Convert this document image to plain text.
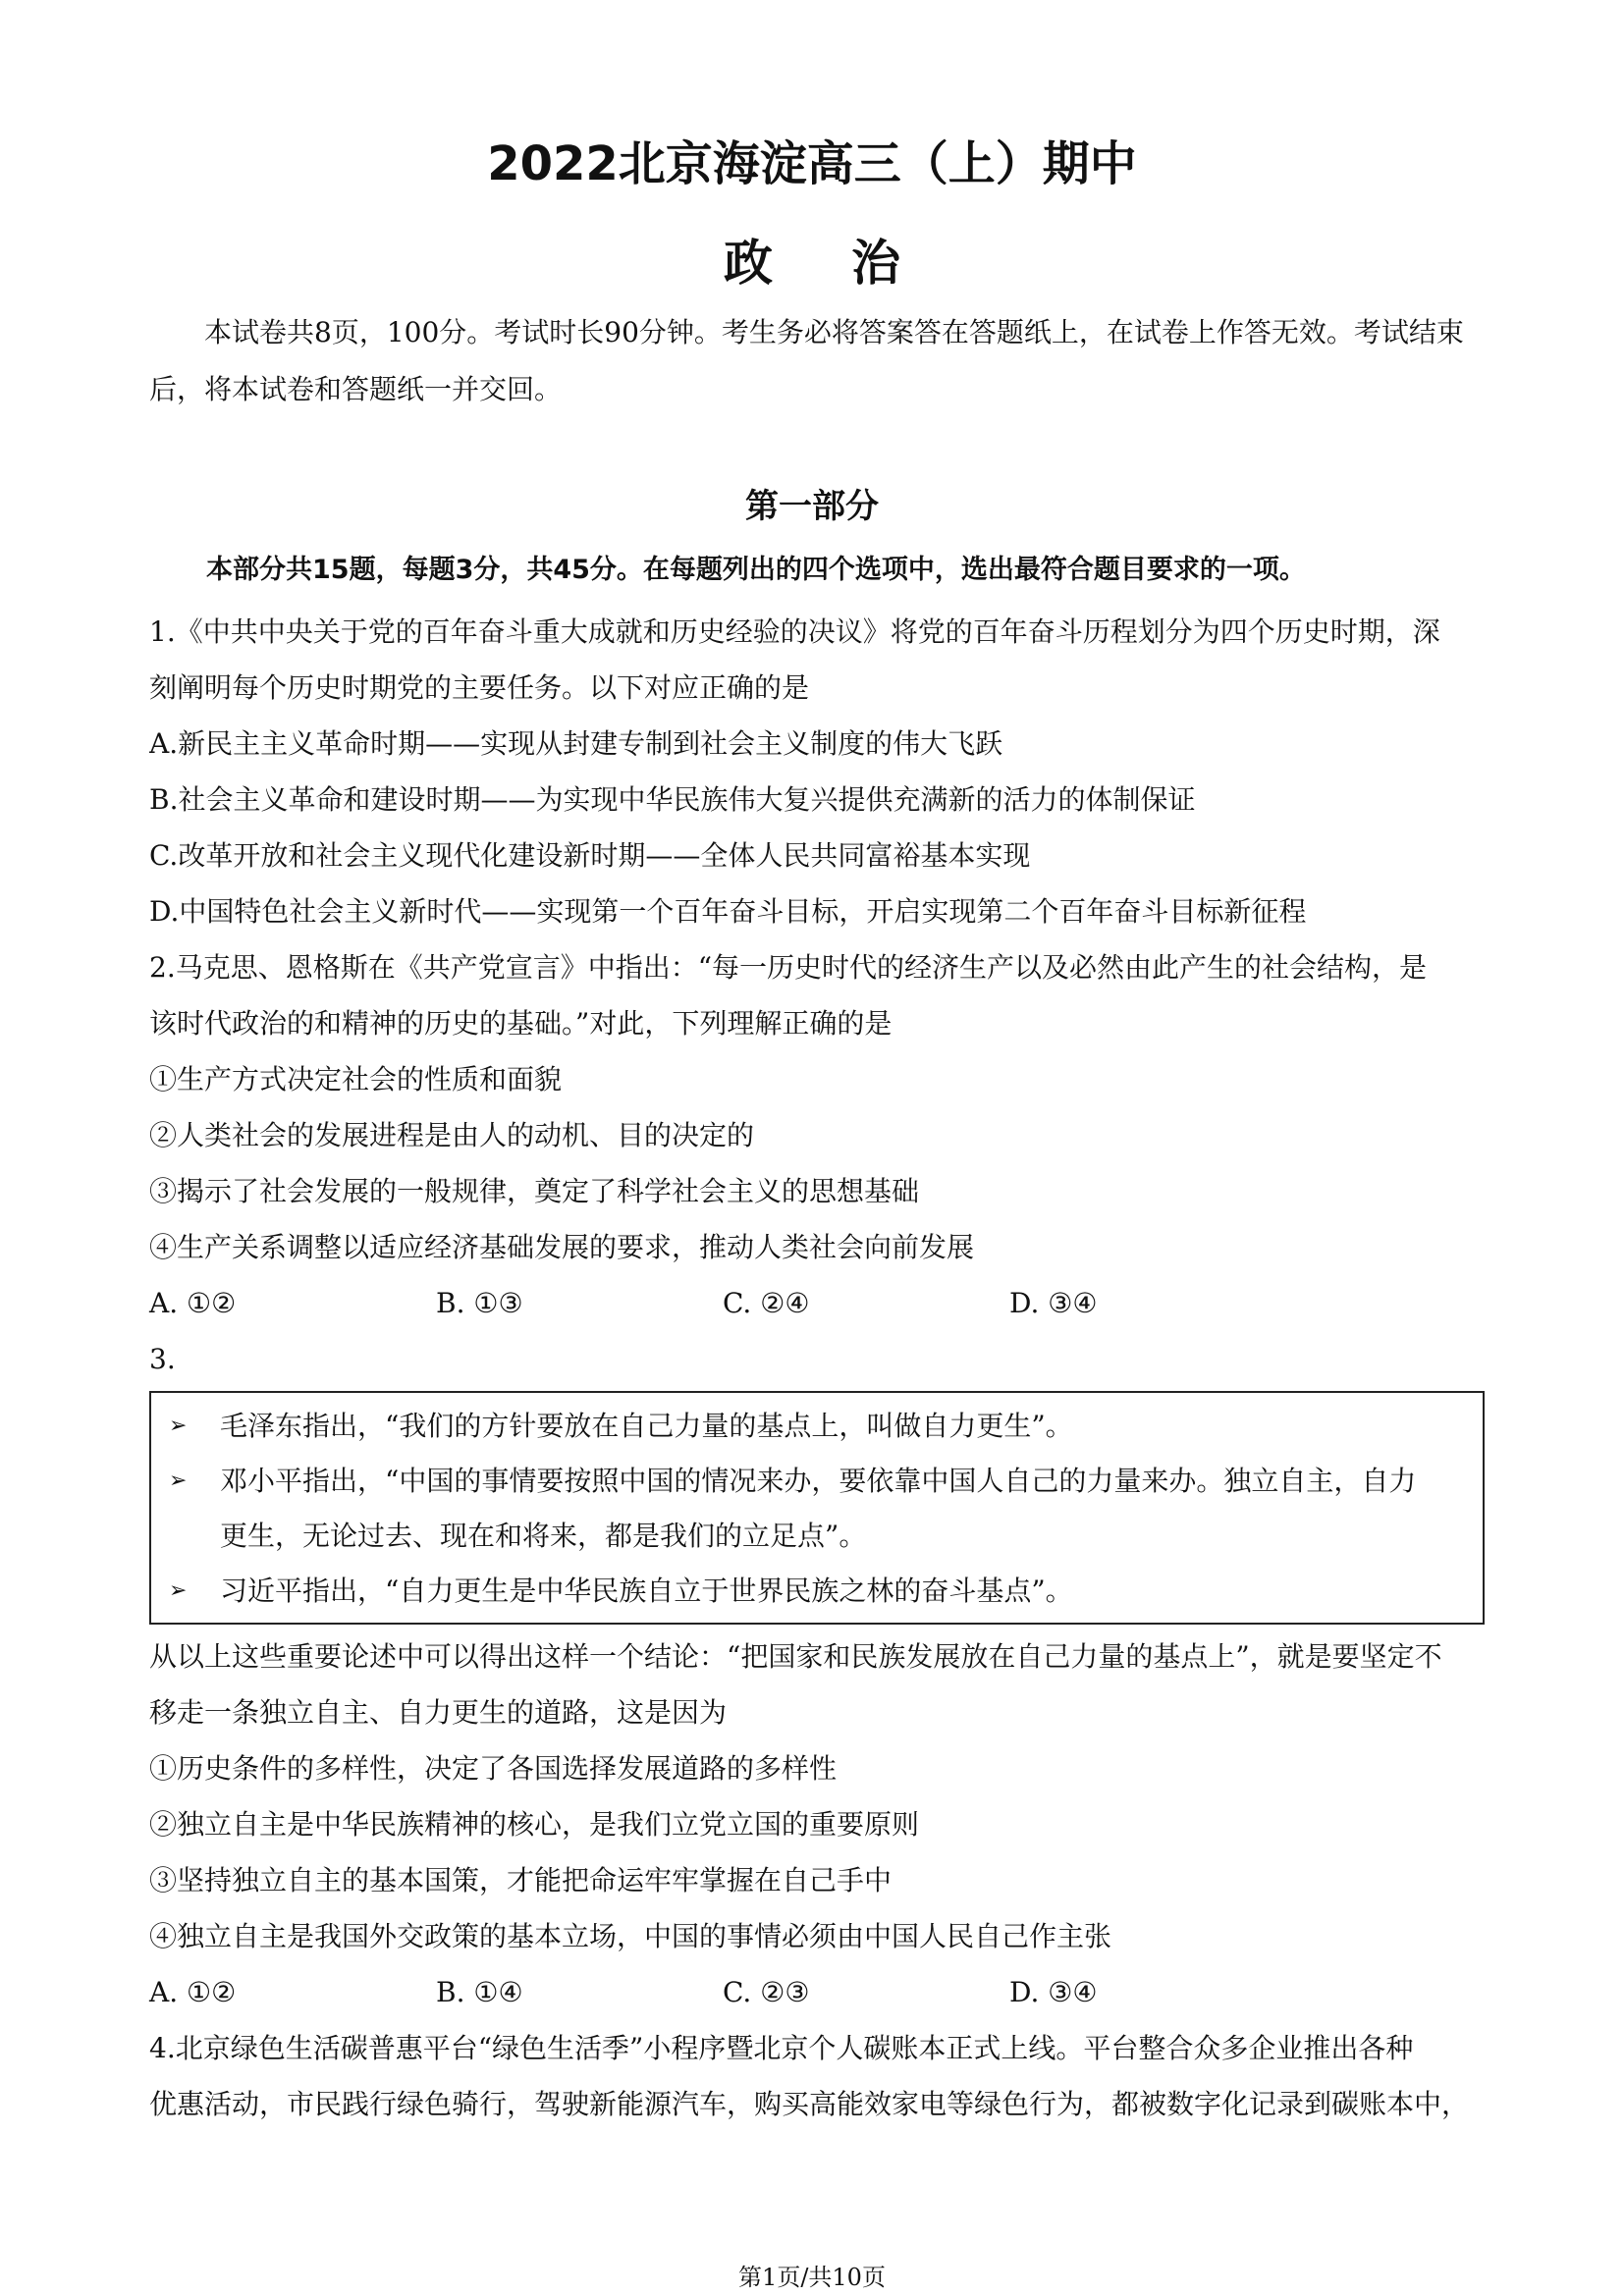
2022北京海淀高三（上）期中
政治
本试卷共8页，100分。考试时长90分钟。考生务必将答案答在答题纸上，在试卷上作答无效。考试结束后，将本试卷和答题纸一并交回。
第一部分
本部分共15题，每题3分，共45分。在每题列出的四个选项中，选出最符合题目要求的一项。
1.《中共中央关于党的百年奋斗重大成就和历史经验的决议》将党的百年奋斗历程划分为四个历史时期，深
刻阐明每个历史时期党的主要任务。以下对应正确的是
A.新民主主义革命时期——实现从封建专制到社会主义制度的伟大飞跃
B.社会主义革命和建设时期——为实现中华民族伟大复兴提供充满新的活力的体制保证
C.改革开放和社会主义现代化建设新时期——全体人民共同富裕基本实现
D.中国特色社会主义新时代——实现第一个百年奋斗目标，开启实现第二个百年奋斗目标新征程
2.马克思、恩格斯在《共产党宣言》中指出：“每一历史时代的经济生产以及必然由此产生的社会结构，是
该时代政治的和精神的历史的基础。”对此，下列理解正确的是
①生产方式决定社会的性质和面貌
②人类社会的发展进程是由人的动机、目的决定的
③揭示了社会发展的一般规律，奠定了科学社会主义的思想基础
④生产关系调整以适应经济基础发展的要求，推动人类社会向前发展
A. ①②	B. ①③	C. ②④	D. ③④
3.
➢	毛泽东指出，“我们的方针要放在自己力量的基点上，叫做自力更生”。
➢	邓小平指出，“中国的事情要按照中国的情况来办，要依靠中国人自己的力量来办。独立自主，自力
更生，无论过去、现在和将来，都是我们的立足点”。
➢	习近平指出，“自力更生是中华民族自立于世界民族之林的奋斗基点”。
从以上这些重要论述中可以得出这样一个结论：“把国家和民族发展放在自己力量的基点上”，就是要坚定不
移走一条独立自主、自力更生的道路，这是因为
①历史条件的多样性，决定了各国选择发展道路的多样性
②独立自主是中华民族精神的核心，是我们立党立国的重要原则
③坚持独立自主的基本国策，才能把命运牢牢掌握在自己手中
④独立自主是我国外交政策的基本立场，中国的事情必须由中国人民自己作主张
A. ①②	B. ①④	C. ②③	D. ③④
4.北京绿色生活碳普惠平台“绿色生活季”小程序暨北京个人碳账本正式上线。平台整合众多企业推出各种
优惠活动，市民践行绿色骑行，驾驶新能源汽车，购买高能效家电等绿色行为，都被数字化记录到碳账本中，
第1页/共10页
